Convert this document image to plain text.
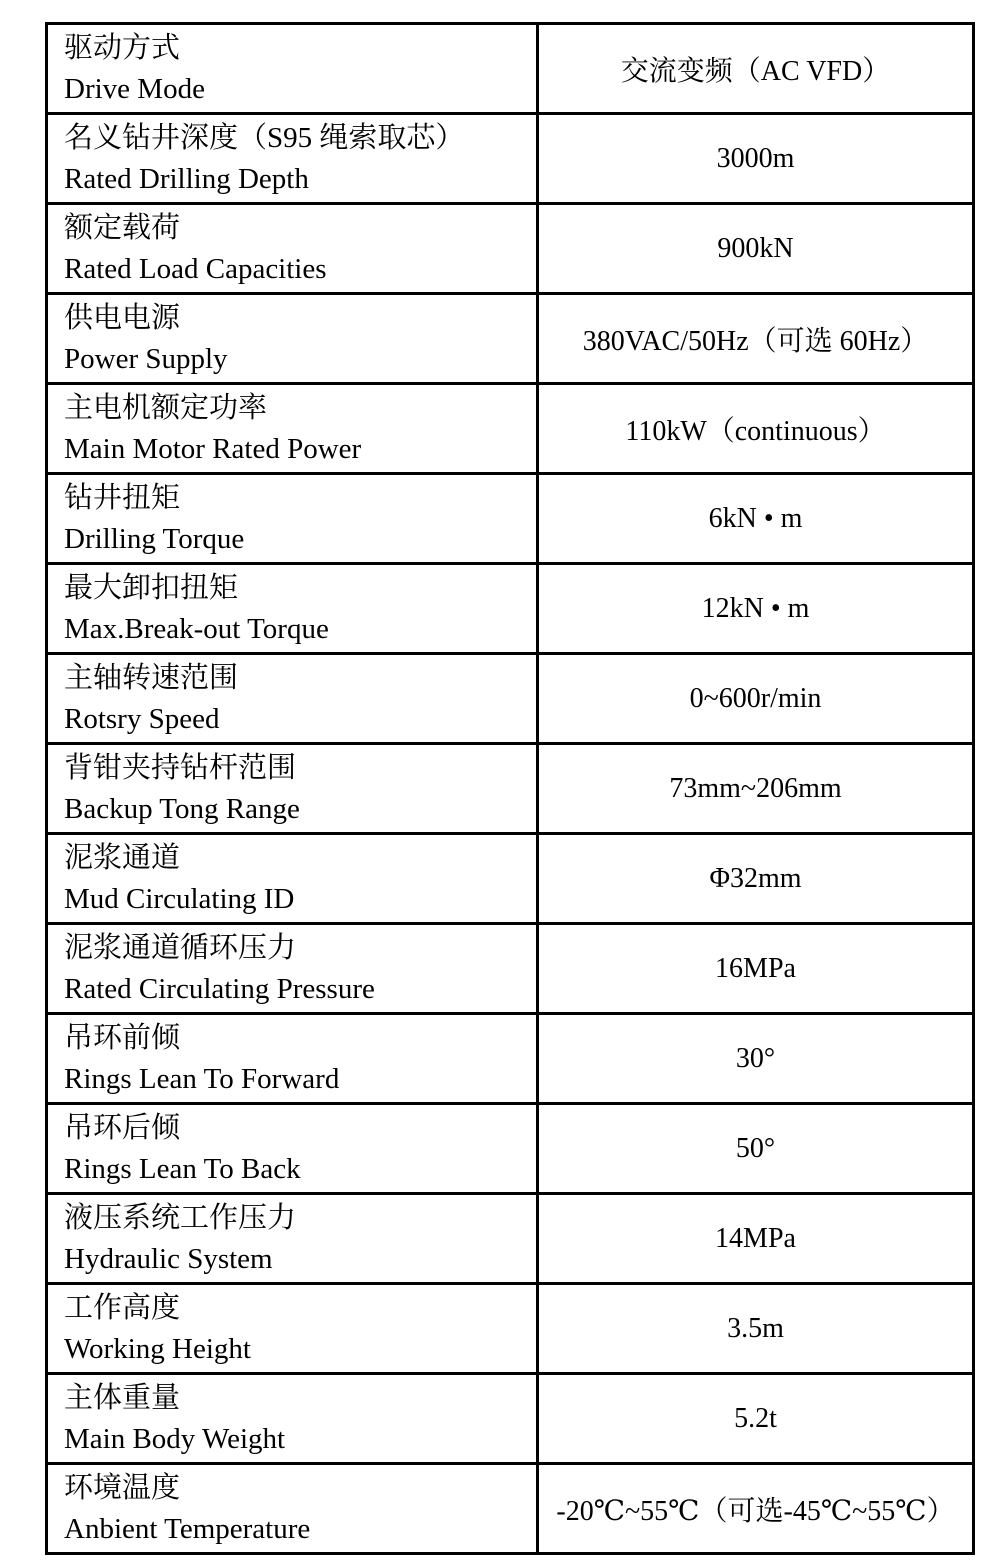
驱动方式
Drive Mode	交流变频（AC VFD）

名义钻井深度（S95 绳索取芯）
Rated Drilling Depth	3000m

额定载荷
Rated Load Capacities	900kN

供电电源
Power Supply	380VAC/50Hz（可选 60Hz）

主电机额定功率
Main Motor Rated Power	110kW（continuous）

钻井扭矩
Drilling Torque	6kN • m

最大卸扣扭矩
Max.Break-out Torque	12kN • m

主轴转速范围
Rotsry Speed	0~600r/min

背钳夹持钻杆范围
Backup Tong Range	73mm~206mm

泥浆通道
Mud Circulating ID	Φ32mm

泥浆通道循环压力
Rated Circulating Pressure	16MPa

吊环前倾
Rings Lean To Forward	30°

吊环后倾
Rings Lean To Back	50°

液压系统工作压力
Hydraulic System	14MPa

工作高度
Working Height	3.5m

主体重量
Main Body Weight	5.2t

环境温度
Anbient Temperature	-20℃~55℃（可选-45℃~55℃）
